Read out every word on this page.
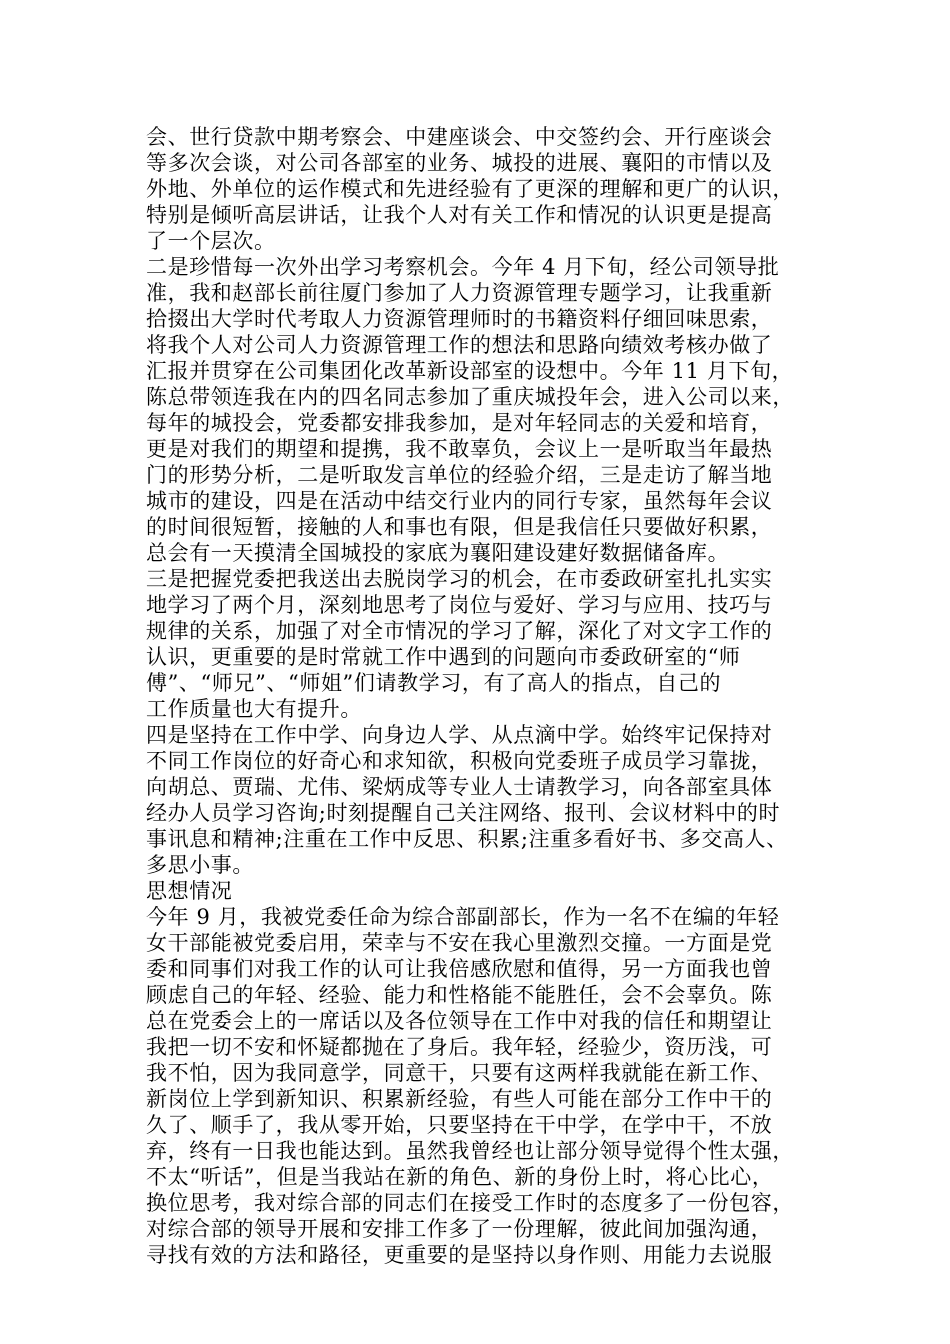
会、世行贷款中期考察会、中建座谈会、中交签约会、开行座谈会
等多次会谈，对公司各部室的业务、城投的进展、襄阳的市情以及
外地、外单位的运作模式和先进经验有了更深的理解和更广的认识，
特别是倾听高层讲话，让我个人对有关工作和情况的认识更是提高
了一个层次。
二是珍惜每一次外出学习考察机会。今年 4 月下旬，经公司领导批
准，我和赵部长前往厦门参加了人力资源管理专题学习，让我重新
拾掇出大学时代考取人力资源管理师时的书籍资料仔细回味思索，
将我个人对公司人力资源管理工作的想法和思路向绩效考核办做了
汇报并贯穿在公司集团化改革新设部室的设想中。今年 11 月下旬，
陈总带领连我在内的四名同志参加了重庆城投年会，进入公司以来，
每年的城投会，党委都安排我参加，是对年轻同志的关爱和培育，
更是对我们的期望和提携，我不敢辜负，会议上一是听取当年最热
门的形势分析，二是听取发言单位的经验介绍，三是走访了解当地
城市的建设，四是在活动中结交行业内的同行专家，虽然每年会议
的时间很短暂，接触的人和事也有限，但是我信任只要做好积累，
总会有一天摸清全国城投的家底为襄阳建设建好数据储备库。
三是把握党委把我送出去脱岗学习的机会，在市委政研室扎扎实实
地学习了两个月，深刻地思考了岗位与爱好、学习与应用、技巧与
规律的关系，加强了对全市情况的学习了解，深化了对文字工作的
认识，更重要的是时常就工作中遇到的问题向市委政研室的“师
傅”、“师兄”、“师姐”们请教学习，有了高人的指点，自己的
工作质量也大有提升。
四是坚持在工作中学、向身边人学、从点滴中学。始终牢记保持对
不同工作岗位的好奇心和求知欲，积极向党委班子成员学习靠拢，
向胡总、贾瑞、尤伟、梁炳成等专业人士请教学习，向各部室具体
经办人员学习咨询;时刻提醒自己关注网络、报刊、会议材料中的时
事讯息和精神;注重在工作中反思、积累;注重多看好书、多交高人、
多思小事。
思想情况
今年 9 月，我被党委任命为综合部副部长，作为一名不在编的年轻
女干部能被党委启用，荣幸与不安在我心里激烈交撞。一方面是党
委和同事们对我工作的认可让我倍感欣慰和值得，另一方面我也曾
顾虑自己的年轻、经验、能力和性格能不能胜任，会不会辜负。陈
总在党委会上的一席话以及各位领导在工作中对我的信任和期望让
我把一切不安和怀疑都抛在了身后。我年轻，经验少，资历浅，可
我不怕，因为我同意学，同意干，只要有这两样我就能在新工作、
新岗位上学到新知识、积累新经验，有些人可能在部分工作中干的
久了、顺手了，我从零开始，只要坚持在干中学，在学中干，不放
弃，终有一日我也能达到。虽然我曾经也让部分领导觉得个性太强，
不太“听话”，但是当我站在新的角色、新的身份上时，将心比心，
换位思考，我对综合部的同志们在接受工作时的态度多了一份包容，
对综合部的领导开展和安排工作多了一份理解，彼此间加强沟通，
寻找有效的方法和路径，更重要的是坚持以身作则、用能力去说服
